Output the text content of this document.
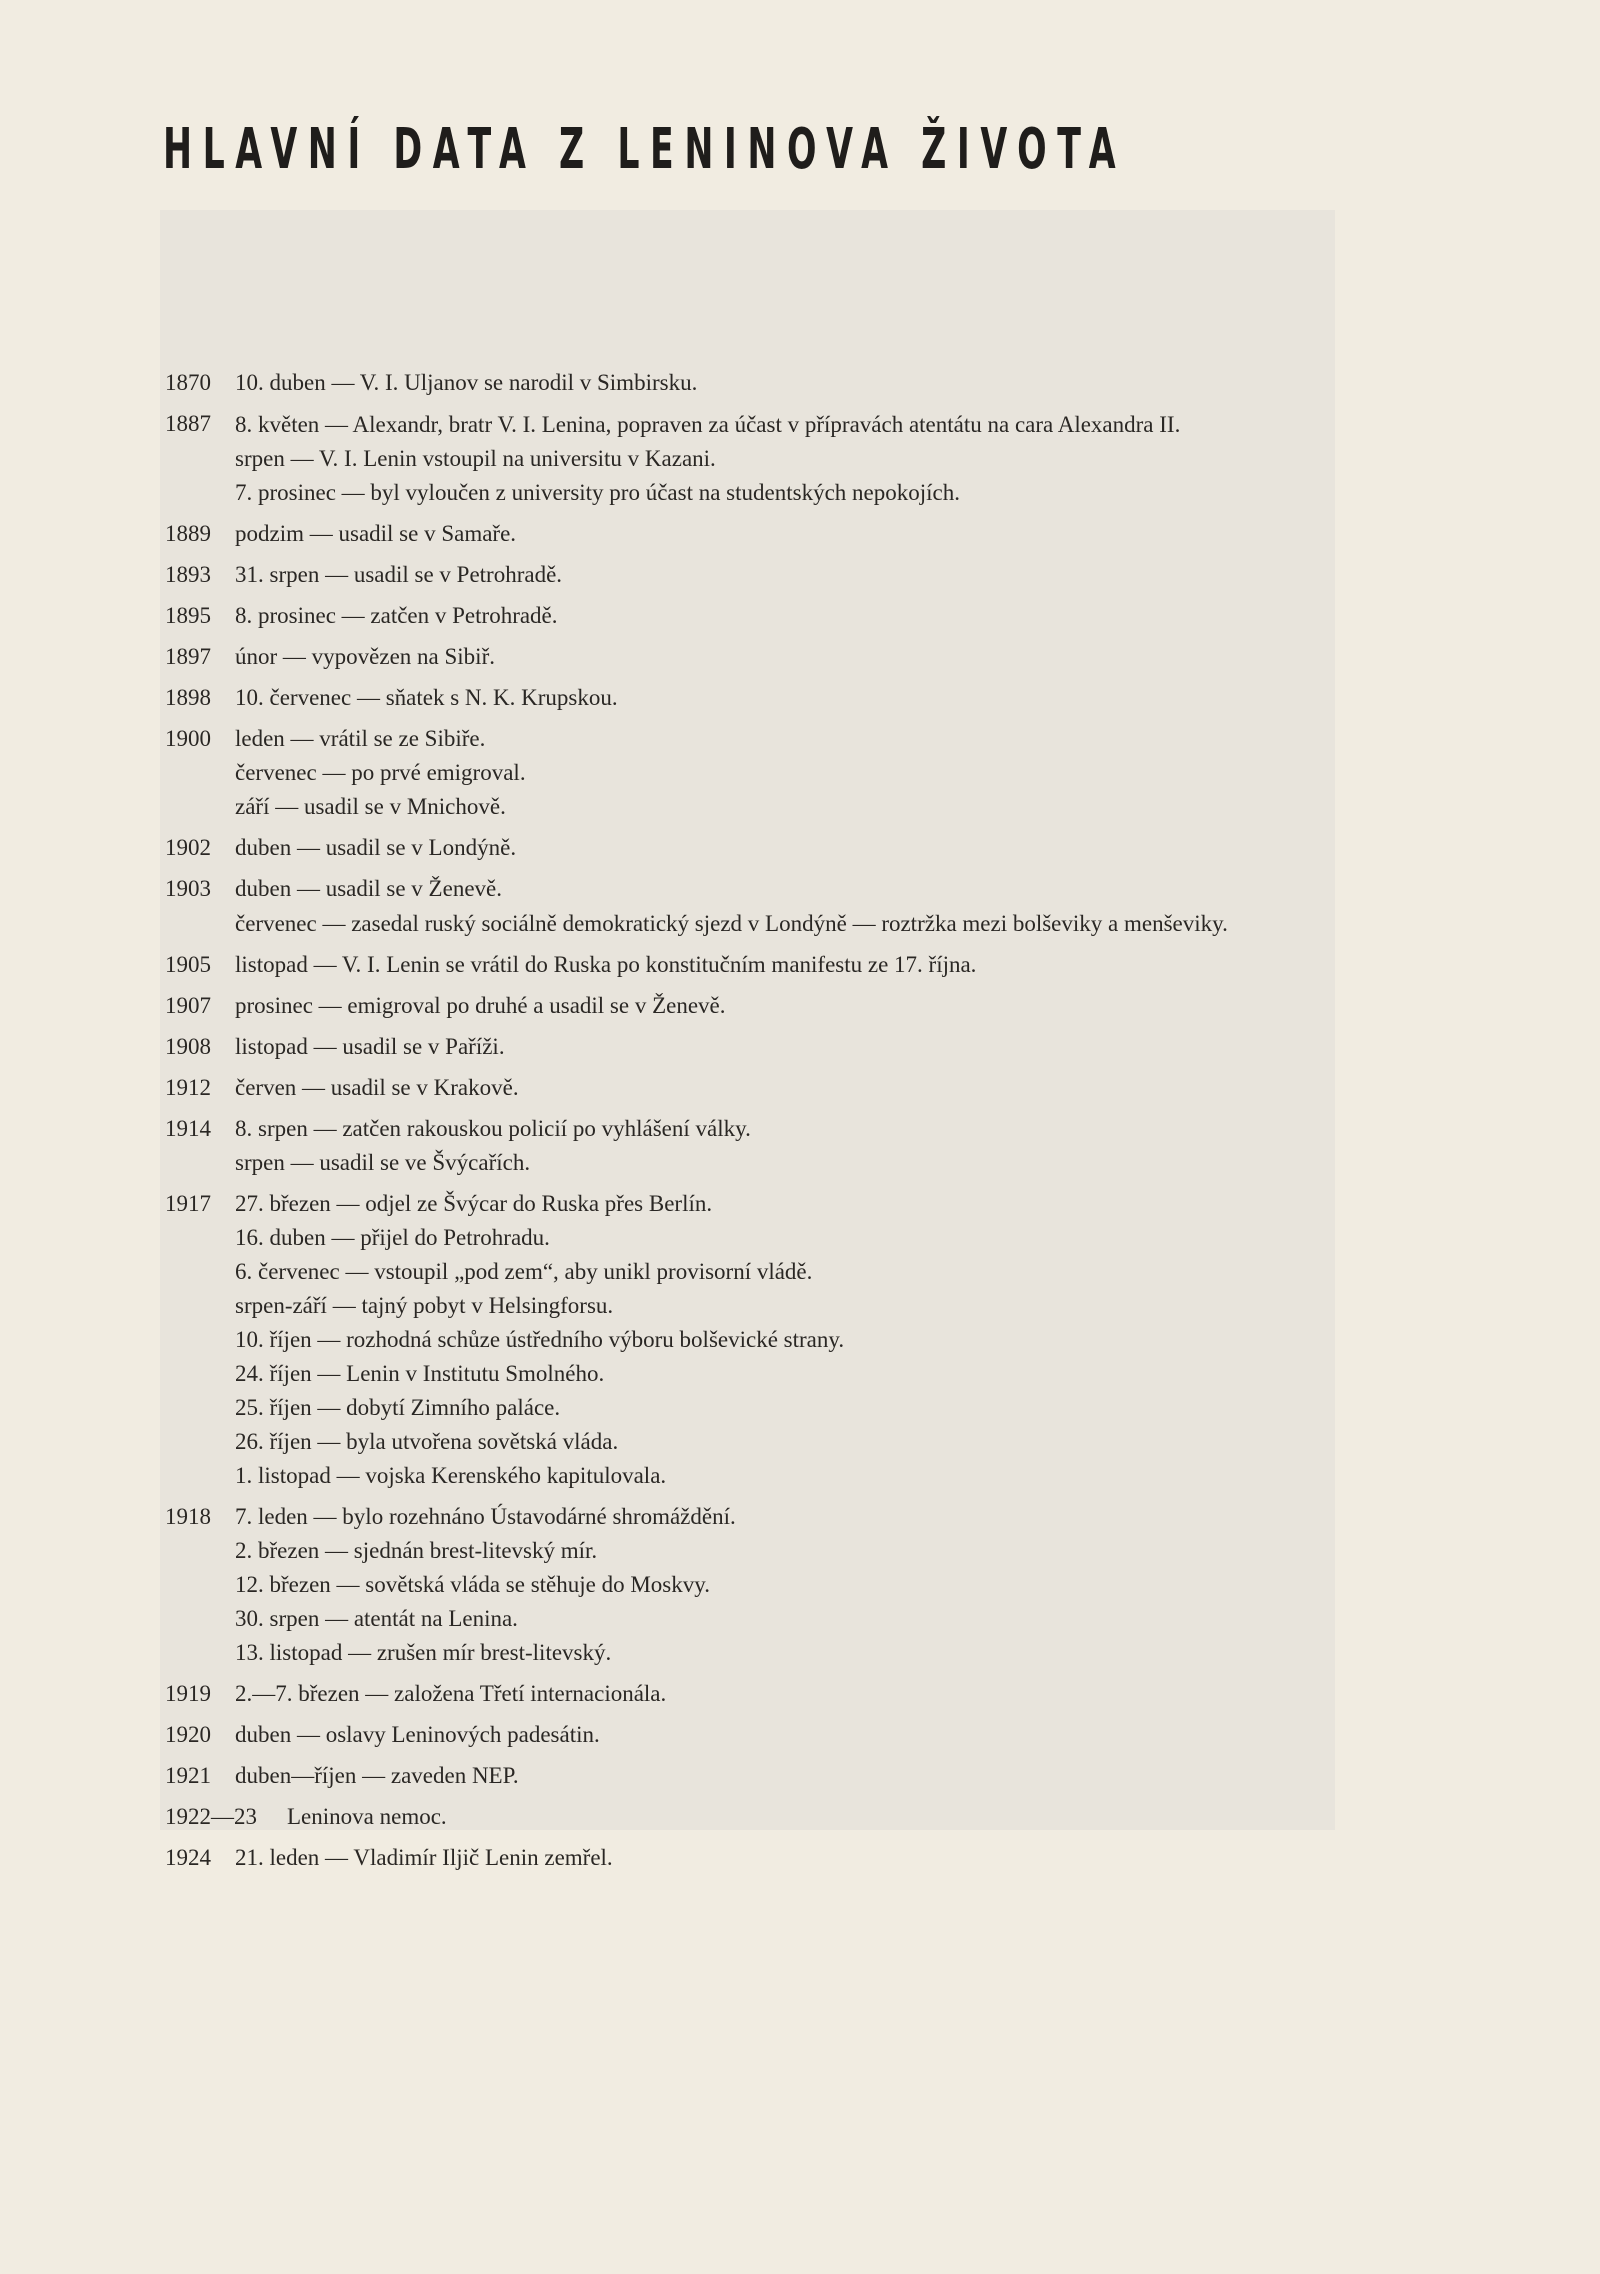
HLAVNÍ DATA Z LENINOVA ŽIVOTA
1870	10. duben — V. I. Uljanov se narodil v Simbirsku.
1887	8. květen — Alexandr, bratr V. I. Lenina, popraven za účast v přípravách atentátu na cara Alexandra II.
srpen — V. I. Lenin vstoupil na universitu v Kazani.
7. prosinec — byl vyloučen z university pro účast na studentských nepokojích.
1889	podzim — usadil se v Samaře.
1893	31. srpen — usadil se v Petrohradě.
1895	8. prosinec — zatčen v Petrohradě.
1897	únor — vypovězen na Sibiř.
1898	10. červenec — sňatek s N. K. Krupskou.
1900	leden — vrátil se ze Sibiře.
červenec — po prvé emigroval.
září — usadil se v Mnichově.
1902	duben — usadil se v Londýně.
1903	duben — usadil se v Ženevě.
červenec — zasedal ruský sociálně demokratický sjezd v Londýně — roztržka mezi bolševiky a menševiky.
1905	listopad — V. I. Lenin se vrátil do Ruska po konstitučním manifestu ze 17. října.
1907	prosinec — emigroval po druhé a usadil se v Ženevě.
1908	listopad — usadil se v Paříži.
1912	červen — usadil se v Krakově.
1914	8. srpen — zatčen rakouskou policií po vyhlášení války.
srpen — usadil se ve Švýcařích.
1917	27. březen — odjel ze Švýcar do Ruska přes Berlín.
16. duben — přijel do Petrohradu.
6. červenec — vstoupil „pod zem“, aby unikl provisorní vládě.
srpen-září — tajný pobyt v Helsingforsu.
10. říjen — rozhodná schůze ústředního výboru bolševické strany.
24. říjen — Lenin v Institutu Smolného.
25. říjen — dobytí Zimního paláce.
26. říjen — byla utvořena sovětská vláda.
1. listopad — vojska Kerenského kapitulovala.
1918	7. leden — bylo rozehnáno Ústavodárné shromáždění.
2. březen — sjednán brest-litevský mír.
12. březen — sovětská vláda se stěhuje do Moskvy.
30. srpen — atentát na Lenina.
13. listopad — zrušen mír brest-litevský.
1919	2.—7. březen — založena Třetí internacionála.
1920	duben — oslavy Leninových padesátin.
1921	duben—říjen — zaveden NEP.
1922—23	Leninova nemoc.
1924	21. leden — Vladimír Iljič Lenin zemřel.
